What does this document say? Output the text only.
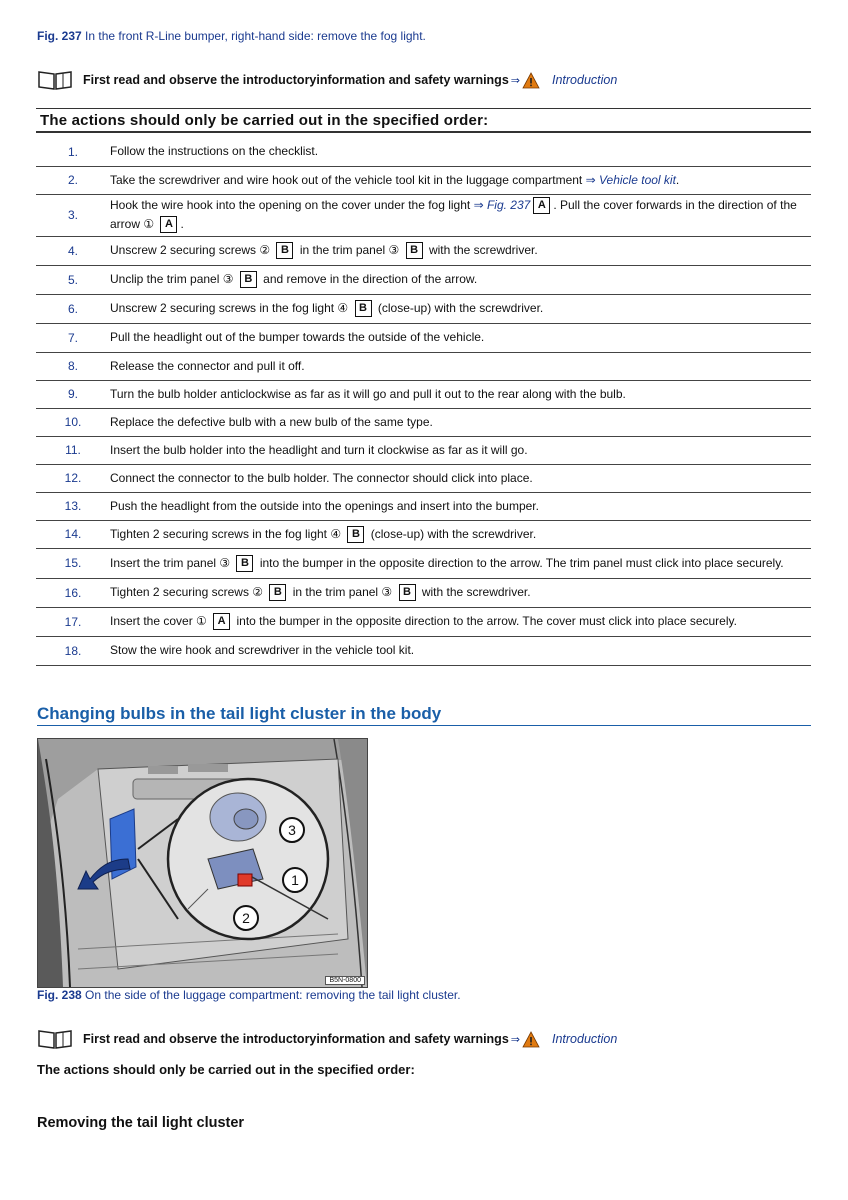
Fig. 237 In the front R-Line bumper, right-hand side: remove the fog light.
First read and observe the introductoryinformation and safety warnings ⇒	Introduction
The actions should only be carried out in the specified order:
1.	Follow the instructions on the checklist.
2.	Take the screwdriver and wire hook out of the vehicle tool kit in the luggage compartment ⇒ Vehicle tool kit.
3.	Hook the wire hook into the opening on the cover under the fog light ⇒ Fig. 237 A . Pull the cover forwards in the direction of the arrow ① A .
4.	Unscrew 2 securing screws ② B in the trim panel ③ B with the screwdriver.
5.	Unclip the trim panel ③ B and remove in the direction of the arrow.
6.	Unscrew 2 securing screws in the fog light ④ B (close-up) with the screwdriver.
7.	Pull the headlight out of the bumper towards the outside of the vehicle.
8.	Release the connector and pull it off.
9.	Turn the bulb holder anticlockwise as far as it will go and pull it out to the rear along with the bulb.
10.	Replace the defective bulb with a new bulb of the same type.
11.	Insert the bulb holder into the headlight and turn it clockwise as far as it will go.
12.	Connect the connector to the bulb holder. The connector should click into place.
13.	Push the headlight from the outside into the openings and insert into the bumper.
14.	Tighten 2 securing screws in the fog light ④ B (close-up) with the screwdriver.
15.	Insert the trim panel ③ B into the bumper in the opposite direction to the arrow. The trim panel must click into place securely.
16.	Tighten 2 securing screws ② B in the trim panel ③ B with the screwdriver.
17.	Insert the cover ① A into the bumper in the opposite direction to the arrow. The cover must click into place securely.
18.	Stow the wire hook and screwdriver in the vehicle tool kit.
Changing bulbs in the tail light cluster in the body
3
1
2
B5N-0800
Fig. 238 On the side of the luggage compartment: removing the tail light cluster.
First read and observe the introductoryinformation and safety warnings ⇒	Introduction
The actions should only be carried out in the specified order:
Removing the tail light cluster
